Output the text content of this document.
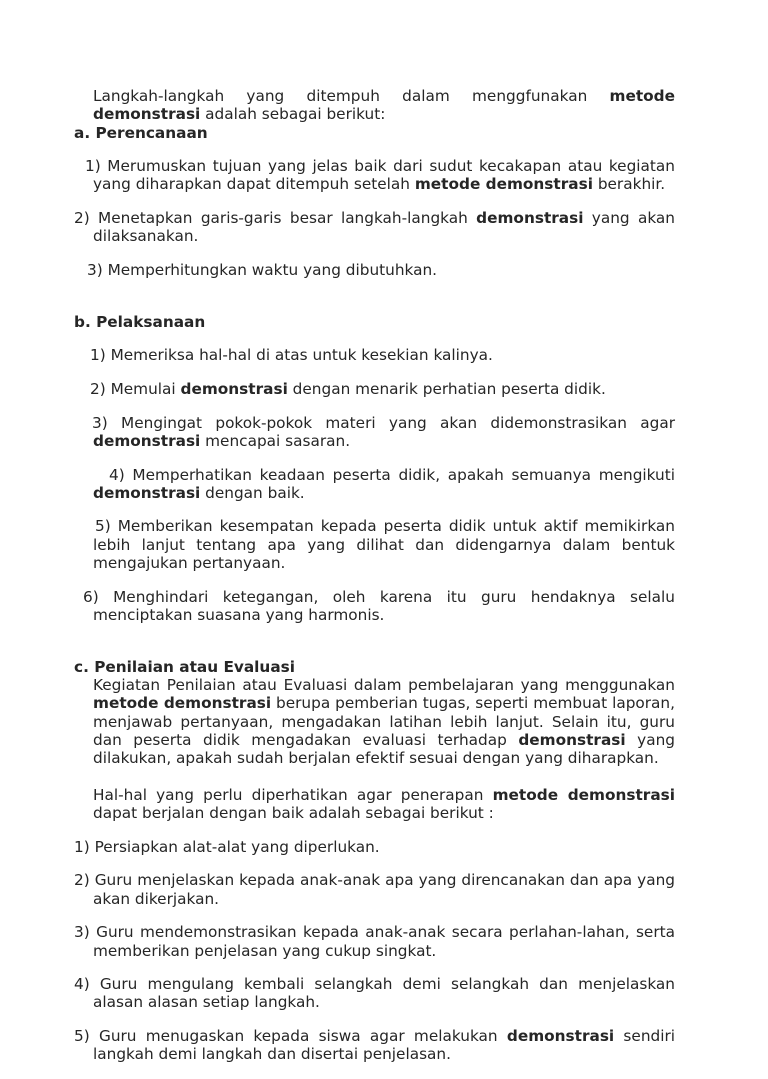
Langkah-langkah yang ditempuh dalam menggfunakan metode demonstrasi adalah sebagai berikut:

a. Perencanaan

1) Merumuskan tujuan yang jelas baik dari sudut kecakapan atau kegiatan yang diharapkan dapat ditempuh setelah metode demonstrasi berakhir.

2) Menetapkan garis-garis besar langkah-langkah demonstrasi yang akan dilaksanakan.

3) Memperhitungkan waktu yang dibutuhkan.

b. Pelaksanaan

1) Memeriksa hal-hal di atas untuk kesekian kalinya.

2) Memulai demonstrasi dengan menarik perhatian peserta didik.

3) Mengingat pokok-pokok materi yang akan didemonstrasikan agar demonstrasi mencapai sasaran.

4) Memperhatikan keadaan peserta didik, apakah semuanya mengikuti demonstrasi dengan baik.

5) Memberikan kesempatan kepada peserta didik untuk aktif memikirkan lebih lanjut tentang apa yang dilihat dan didengarnya dalam bentuk mengajukan pertanyaan.

6) Menghindari ketegangan, oleh karena itu guru hendaknya selalu menciptakan suasana yang harmonis.

c. Penilaian atau Evaluasi

Kegiatan Penilaian atau Evaluasi dalam pembelajaran yang menggunakan metode demonstrasi berupa pemberian tugas, seperti membuat laporan, menjawab pertanyaan, mengadakan latihan lebih lanjut. Selain itu, guru dan peserta didik mengadakan evaluasi terhadap demonstrasi yang dilakukan, apakah sudah berjalan efektif sesuai dengan yang diharapkan.

Hal-hal yang perlu diperhatikan agar penerapan metode demonstrasi dapat berjalan dengan baik adalah sebagai berikut :

1) Persiapkan alat-alat yang diperlukan.

2) Guru menjelaskan kepada anak-anak apa yang direncanakan dan apa yang akan dikerjakan.

3) Guru mendemonstrasikan kepada anak-anak secara perlahan-lahan, serta memberikan penjelasan yang cukup singkat.

4) Guru mengulang kembali selangkah demi selangkah dan menjelaskan alasan alasan setiap langkah.

5) Guru menugaskan kepada siswa agar melakukan demonstrasi sendiri langkah demi langkah dan disertai penjelasan.
